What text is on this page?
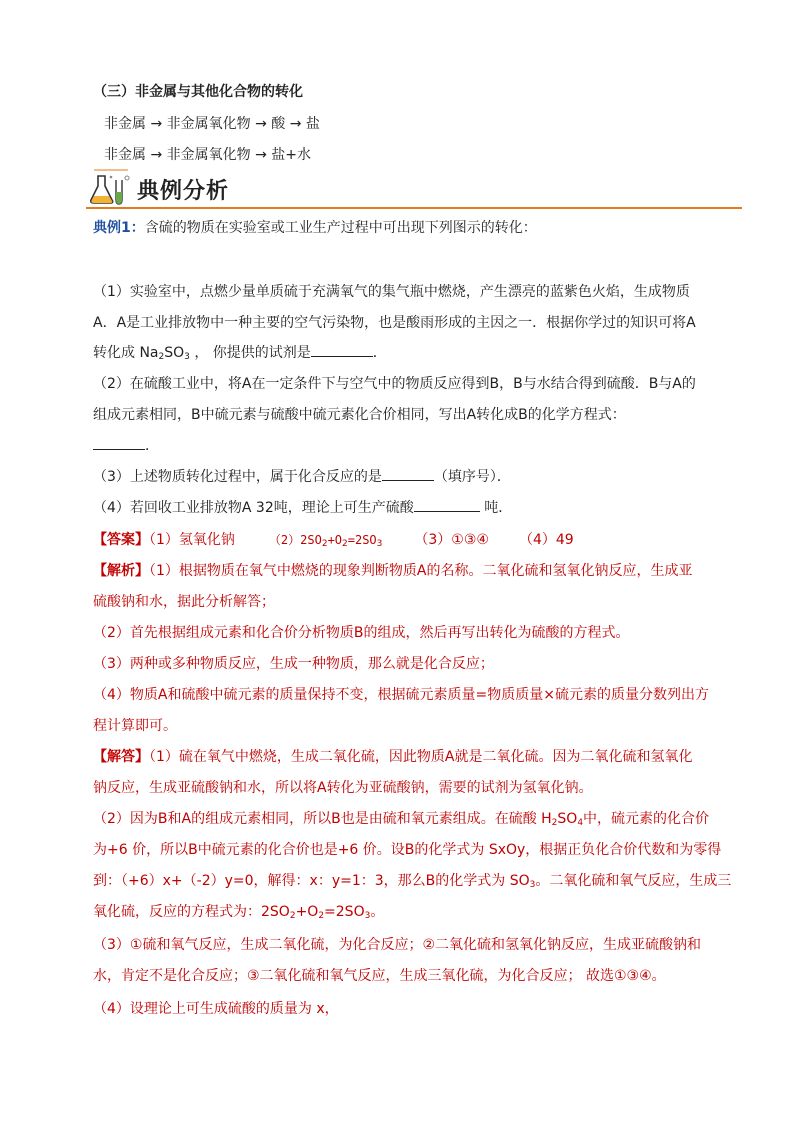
（三）非金属与其他化合物的转化
非金属 → 非金属氧化物 → 酸 → 盐
非金属 → 非金属氧化物 → 盐+水
典例分析
典例1：含硫的物质在实验室或工业生产过程中可出现下列图示的转化：
（1）实验室中，点燃少量单质硫于充满氧气的集气瓶中燃烧，产生漂亮的蓝紫色火焰，生成物质
A．A是工业排放物中一种主要的空气污染物，也是酸雨形成的主因之一．根据你学过的知识可将A
转化成 $Na_2SO_3$ ， 你提供的试剂是	．
（2）在硫酸工业中，将A在一定条件下与空气中的物质反应得到B，B与水结合得到硫酸．B与A的
组成元素相同，B中硫元素与硫酸中硫元素化合价相同，写出A转化成B的化学方程式：
．
（3）上述物质转化过程中，属于化合反应的是	（填序号）．
（4）若回收工业排放物A 32吨，理论上可生产硫酸	吨．
【答案】（1）氢氧化钠	$(2)2SO_2+O_2=2SO_3$ （3）①③④ （4）49
【解析】（1）根据物质在氧气中燃烧的现象判断物质A的名称。二氧化硫和氢氧化钠反应，生成亚
硫酸钠和水，据此分析解答；
（2）首先根据组成元素和化合价分析物质B的组成，然后再写出转化为硫酸的方程式。
（3）两种或多种物质反应，生成一种物质，那么就是化合反应；
（4）物质A和硫酸中硫元素的质量保持不变，根据硫元素质量=物质质量×硫元素的质量分数列出方
程计算即可。
【解答】（1）硫在氧气中燃烧，生成二氧化硫，因此物质A就是二氧化硫。因为二氧化硫和氢氧化
钠反应，生成亚硫酸钠和水，所以将A转化为亚硫酸钠，需要的试剂为氢氧化钠。
（2）因为B和A的组成元素相同，所以B也是由硫和氧元素组成。在硫酸 $H_2SO_4$中，硫元素的化合价
为+6 价，所以B中硫元素的化合价也是+6 价。设B的化学式为 SxOy，根据正负化合价代数和为零得
到：（+6）x+（-2）y=0，解得：x：y=1：3，那么B的化学式为 $SO_3$。二氧化硫和氧气反应，生成三
氧化硫，反应的方程式为：$2SO_2+O_2=2SO_3$。
（3）①硫和氧气反应，生成二氧化硫，为化合反应；②二氧化硫和氢氧化钠反应，生成亚硫酸钠和
水，肯定不是化合反应；③二氧化硫和氧气反应，生成三氧化硫，为化合反应； 故选①③④。
（4）设理论上可生成硫酸的质量为 x，
